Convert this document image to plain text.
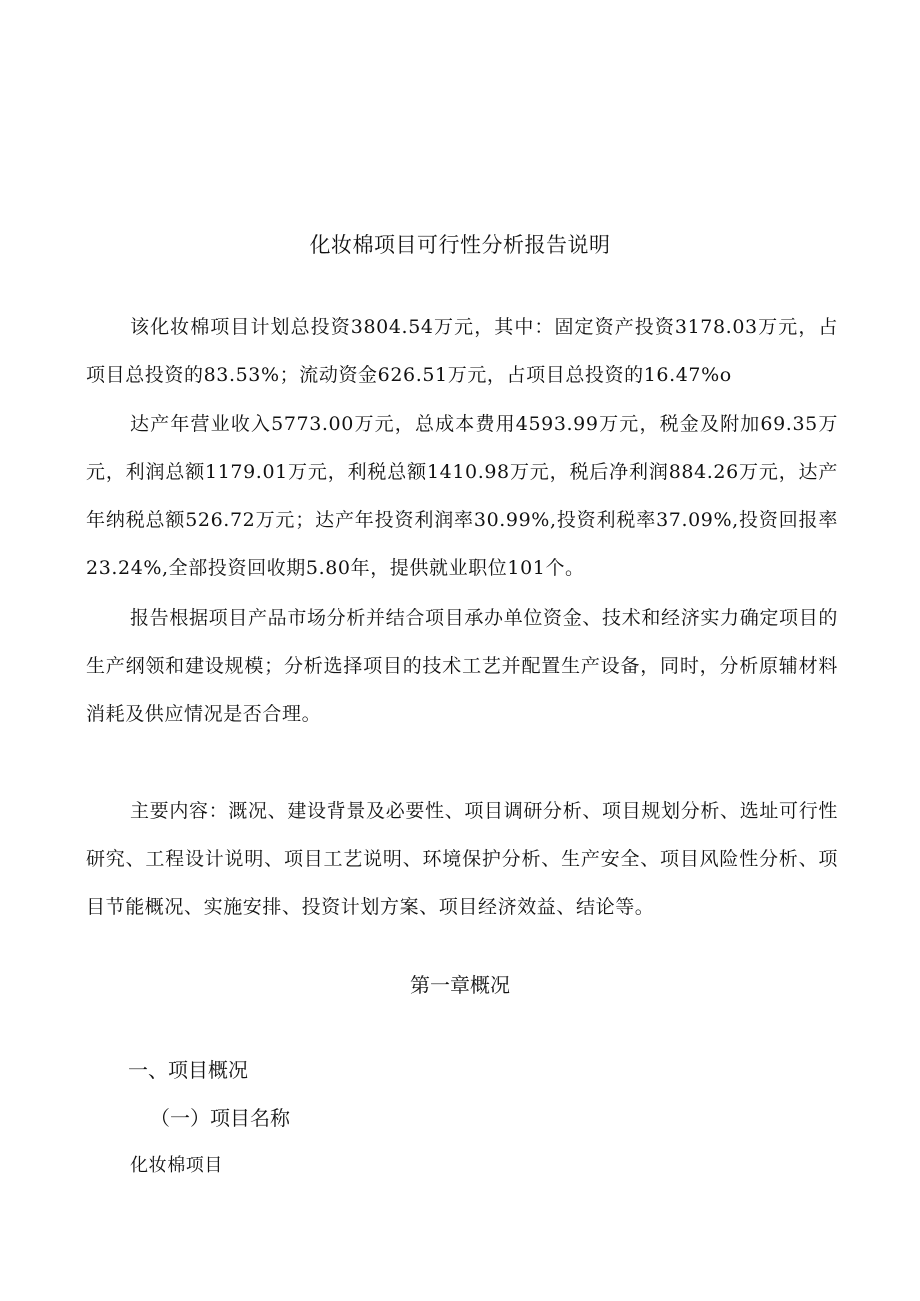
化妆棉项目可行性分析报告说明

该化妆棉项目计划总投资3804.54万元，其中：固定资产投资3178.03万元，占项目总投资的83.53%；流动资金626.51万元，占项目总投资的16.47%o

达产年营业收入5773.00万元，总成本费用4593.99万元，税金及附加69.35万元，利润总额1179.01万元，利税总额1410.98万元，税后净利润884.26万元，达产年纳税总额526.72万元；达产年投资利润率30.99%,投资利税率37.09%,投资回报率23.24%,全部投资回收期5.80年，提供就业职位101个。

报告根据项目产品市场分析并结合项目承办单位资金、技术和经济实力确定项目的生产纲领和建设规模；分析选择项目的技术工艺并配置生产设备，同时，分析原辅材料消耗及供应情况是否合理。

主要内容：溉况、建设背景及必要性、项目调研分析、项目规划分析、选址可行性研究、工程设计说明、项目工艺说明、环境保护分析、生产安全、项目风险性分析、项目节能概况、实施安排、投资计划方案、项目经济效益、结论等。

第一章概况
一、项目概况
（一）项目名称

化妆棉项目
